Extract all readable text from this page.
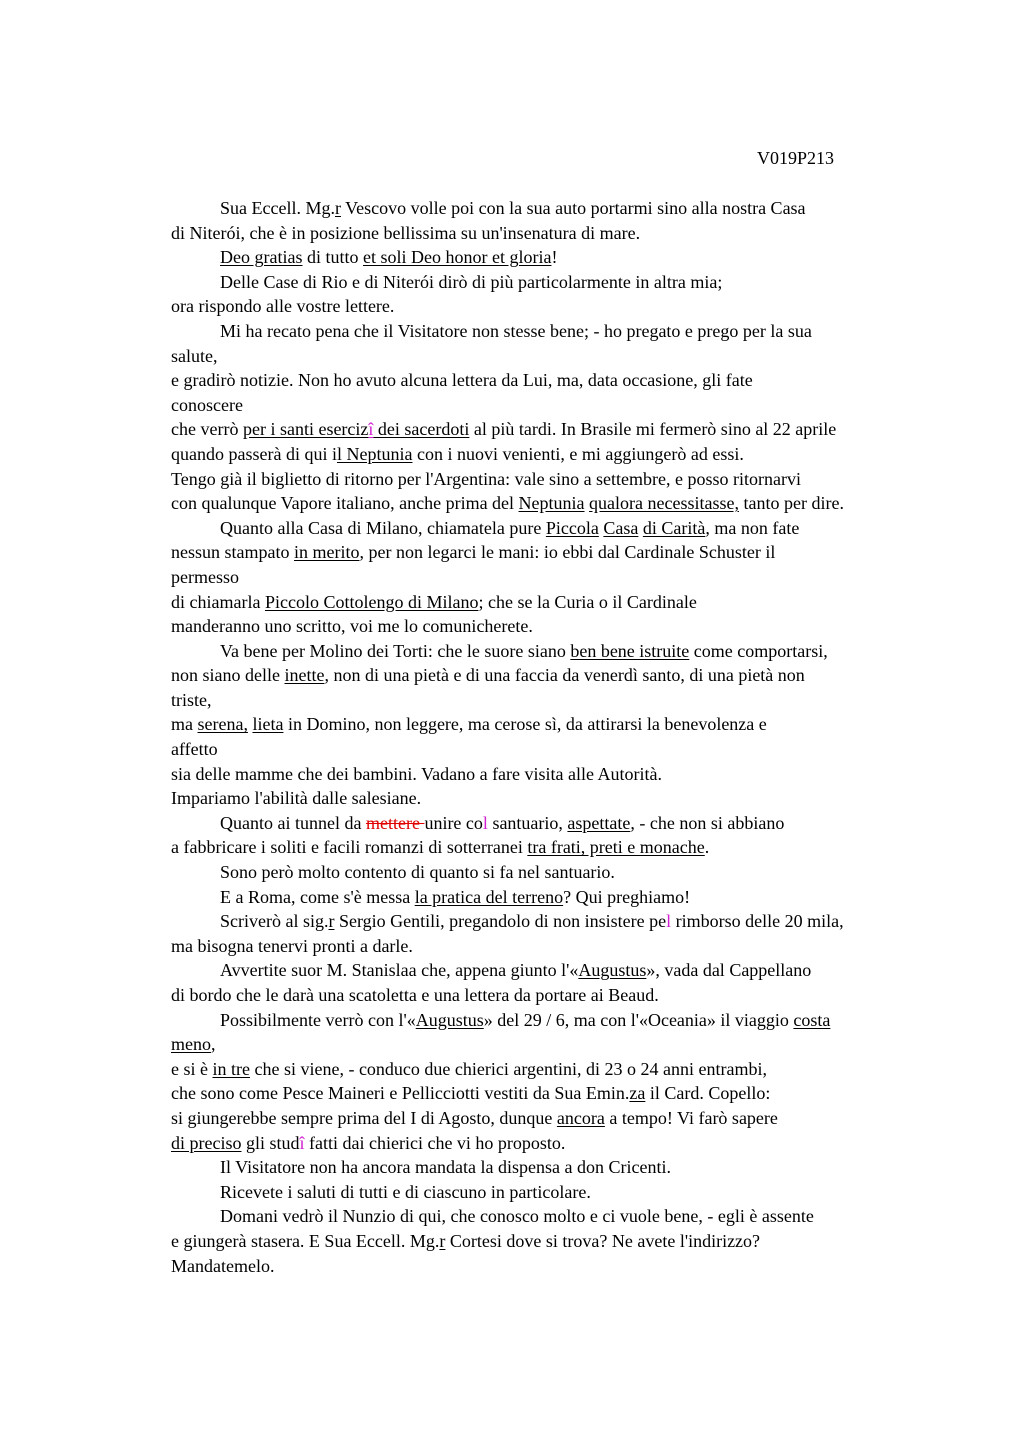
V019P213
Sua Eccell. Mg.r Vescovo volle poi con la sua auto portarmi sino alla nostra Casa
di Niterói, che è in posizione bellissima su un'insenatura di mare.
Deo gratias di tutto et soli Deo honor et gloria!
Delle Case di Rio e di Niterói dirò di più particolarmente in altra mia;
ora rispondo alle vostre lettere.
Mi ha recato pena che il Visitatore non stesse bene; - ho pregato e prego per la sua
salute,
e gradirò notizie. Non ho avuto alcuna lettera da Lui, ma, data occasione, gli fate
conoscere
che verrò per i santi esercizî dei sacerdoti al più tardi. In Brasile mi fermerò sino al 22 aprile
quando passerà di qui il Neptunia con i nuovi venienti, e mi aggiungerò ad essi.
Tengo già il biglietto di ritorno per l'Argentina: vale sino a settembre, e posso ritornarvi
con qualunque Vapore italiano, anche prima del Neptunia qualora necessitasse, tanto per dire.
Quanto alla Casa di Milano, chiamatela pure Piccola Casa di Carità, ma non fate
nessun stampato in merito, per non legarci le mani: io ebbi dal Cardinale Schuster il
permesso
di chiamarla Piccolo Cottolengo di Milano; che se la Curia o il Cardinale
manderanno uno scritto, voi me lo comunicherete.
Va bene per Molino dei Torti: che le suore siano ben bene istruite come comportarsi,
non siano delle inette, non di una pietà e di una faccia da venerdì santo, di una pietà non
triste,
ma serena, lieta in Domino, non leggere, ma cerose sì, da attirarsi la benevolenza e
affetto
sia delle mamme che dei bambini. Vadano a fare visita alle Autorità.
Impariamo l'abilità dalle salesiane.
Quanto ai tunnel da mettere unire col santuario, aspettate, - che non si abbiano
a fabbricare i soliti e facili romanzi di sotterranei tra frati, preti e monache.
Sono però molto contento di quanto si fa nel santuario.
E a Roma, come s'è messa la pratica del terreno? Qui preghiamo!
Scriverò al sig.r Sergio Gentili, pregandolo di non insistere pel rimborso delle 20 mila,
ma bisogna tenervi pronti a darle.
Avvertite suor M. Stanislaa che, appena giunto l'«Augustus», vada dal Cappellano
di bordo che le darà una scatoletta e una lettera da portare ai Beaud.
Possibilmente verrò con l'«Augustus» del 29 / 6, ma con l'«Oceania» il viaggio costa
meno,
e si è in tre che si viene, - conduco due chierici argentini, di 23 o 24 anni entrambi,
che sono come Pesce Maineri e Pellicciotti vestiti da Sua Emin.za il Card. Copello:
si giungerebbe sempre prima del I di Agosto, dunque ancora a tempo! Vi farò sapere
di preciso gli studî fatti dai chierici che vi ho proposto.
Il Visitatore non ha ancora mandata la dispensa a don Cricenti.
Ricevete i saluti di tutti e di ciascuno in particolare.
Domani vedrò il Nunzio di qui, che conosco molto e ci vuole bene, - egli è assente
e giungerà stasera. E Sua Eccell. Mg.r Cortesi dove si trova? Ne avete l'indirizzo?
Mandatemelo.
